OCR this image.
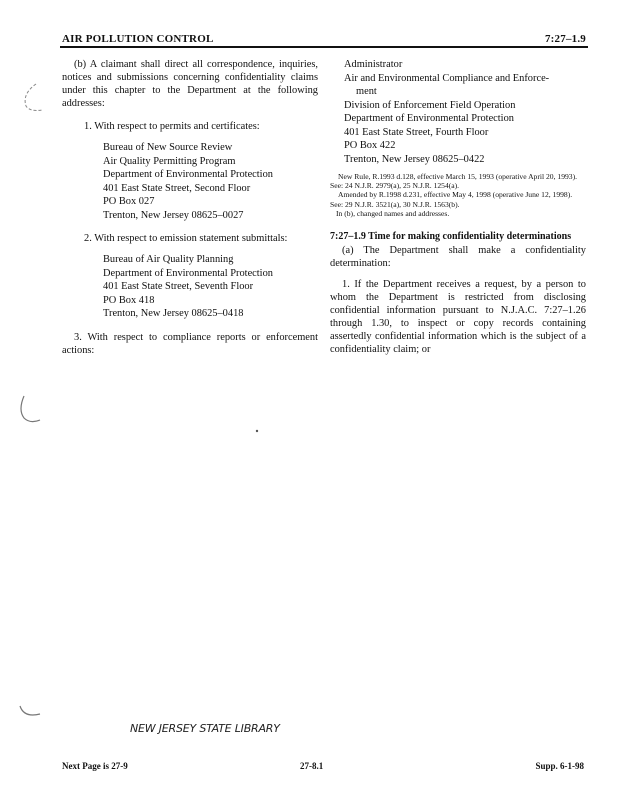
AIR POLLUTION CONTROL	7:27–1.9

(b) A claimant shall direct all correspondence, inquiries, notices and submissions concerning confidentiality claims under this chapter to the Department at the following addresses:

1. With respect to permits and certificates:

Bureau of New Source Review
Air Quality Permitting Program
Department of Environmental Protection
401 East State Street, Second Floor
PO Box 027
Trenton, New Jersey 08625–0027

2. With respect to emission statement submittals:

Bureau of Air Quality Planning
Department of Environmental Protection
401 East State Street, Seventh Floor
PO Box 418
Trenton, New Jersey 08625–0418

3. With respect to compliance reports or enforcement actions:

Administrator
Air and Environmental Compliance and Enforce-
ment
Division of Enforcement Field Operation
Department of Environmental Protection
401 East State Street, Fourth Floor
PO Box 422
Trenton, New Jersey 08625–0422
New Rule, R.1993 d.128, effective March 15, 1993 (operative April 20, 1993).
See: 24 N.J.R. 2979(a), 25 N.J.R. 1254(a).
Amended by R.1998 d.231, effective May 4, 1998 (operative June 12, 1998).
See: 29 N.J.R. 3521(a), 30 N.J.R. 1563(b).
In (b), changed names and addresses.
7:27–1.9 Time for making confidentiality determinations

(a) The Department shall make a confidentiality determination:

1. If the Department receives a request, by a person to whom the Department is restricted from disclosing confidential information pursuant to N.J.A.C. 7:27–1.26 through 1.30, to inspect or copy records containing assertedly confidential information which is the subject of a confidentiality claim; or

NEW JERSEY STATE LIBRARY
Next Page is 27-9	27-8.1	Supp. 6-1-98
